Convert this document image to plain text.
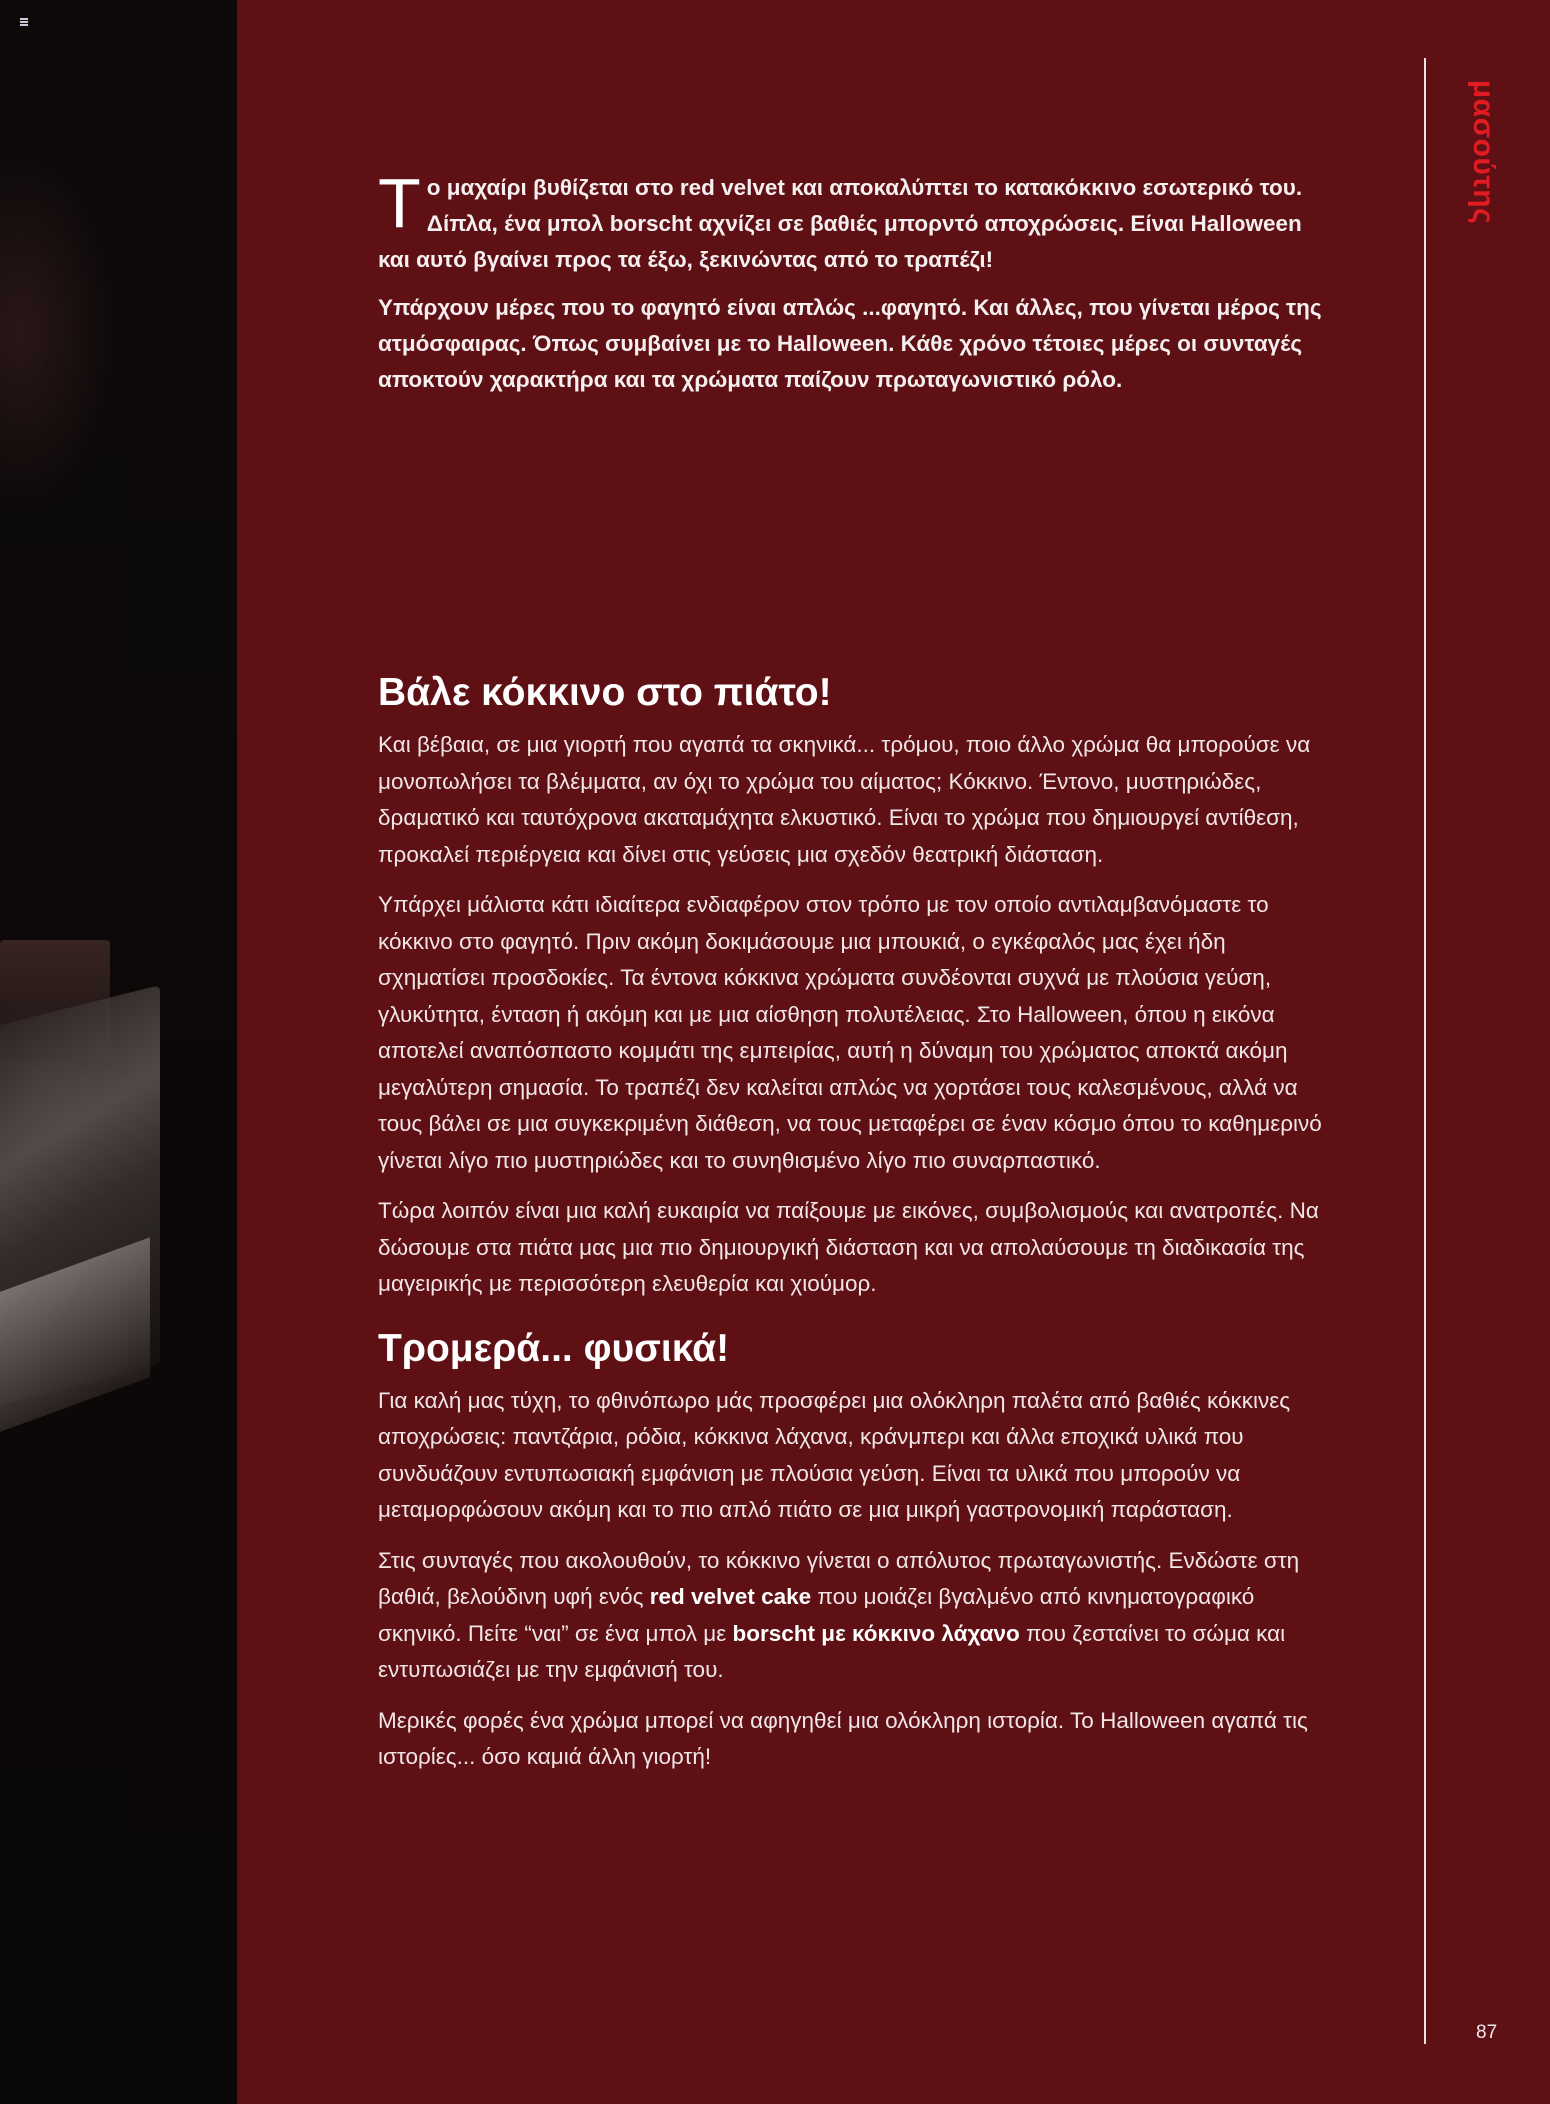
μασούτης

Το μαχαίρι βυθίζεται στο red velvet και αποκαλύπτει το κατακόκκινο εσωτερικό του. Δίπλα, ένα μπολ borscht αχνίζει σε βαθιές μπορντό αποχρώσεις. Είναι Halloween και αυτό βγαίνει προς τα έξω, ξεκινώντας από το τραπέζι!

Υπάρχουν μέρες που το φαγητό είναι απλώς ...φαγητό. Και άλλες, που γίνεται μέρος της ατμόσφαιρας. Όπως συμβαίνει με το Halloween. Κάθε χρόνο τέτοιες μέρες οι συνταγές αποκτούν χαρακτήρα και τα χρώματα παίζουν πρωταγωνιστικό ρόλο.

Βάλε κόκκινο στο πιάτο!

Και βέβαια, σε μια γιορτή που αγαπά τα σκηνικά... τρόμου, ποιο άλλο χρώμα θα μπορούσε να μονοπωλήσει τα βλέμματα, αν όχι το χρώμα του αίματος; Κόκκινο. Έντονο, μυστηριώδες, δραματικό και ταυτόχρονα ακαταμάχητα ελκυστικό. Είναι το χρώμα που δημιουργεί αντίθεση, προκαλεί περιέργεια και δίνει στις γεύσεις μια σχεδόν θεατρική διάσταση.

Υπάρχει μάλιστα κάτι ιδιαίτερα ενδιαφέρον στον τρόπο με τον οποίο αντιλαμβανόμαστε το κόκκινο στο φαγητό. Πριν ακόμη δοκιμάσουμε μια μπουκιά, ο εγκέφαλός μας έχει ήδη σχηματίσει προσδοκίες. Τα έντονα κόκκινα χρώματα συνδέονται συχνά με πλούσια γεύση, γλυκύτητα, ένταση ή ακόμη και με μια αίσθηση πολυτέλειας. Στο Halloween, όπου η εικόνα αποτελεί αναπόσπαστο κομμάτι της εμπειρίας, αυτή η δύναμη του χρώματος αποκτά ακόμη μεγαλύτερη σημασία. Το τραπέζι δεν καλείται απλώς να χορτάσει τους καλεσμένους, αλλά να τους βάλει σε μια συγκεκριμένη διάθεση, να τους μεταφέρει σε έναν κόσμο όπου το καθημερινό γίνεται λίγο πιο μυστηριώδες και το συνηθισμένο λίγο πιο συναρπαστικό.

Τώρα λοιπόν είναι μια καλή ευκαιρία να παίξουμε με εικόνες, συμβολισμούς και ανατροπές. Να δώσουμε στα πιάτα μας μια πιο δημιουργική διάσταση και να απολαύσουμε τη διαδικασία της μαγειρικής με περισσότερη ελευθερία και χιούμορ.

Τρομερά... φυσικά!

Για καλή μας τύχη, το φθινόπωρο μάς προσφέρει μια ολόκληρη παλέτα από βαθιές κόκκινες αποχρώσεις: παντζάρια, ρόδια, κόκκινα λάχανα, κράνμπερι και άλλα εποχικά υλικά που συνδυάζουν εντυπωσιακή εμφάνιση με πλούσια γεύση. Είναι τα υλικά που μπορούν να μεταμορφώσουν ακόμη και το πιο απλό πιάτο σε μια μικρή γαστρονομική παράσταση.

Στις συνταγές που ακολουθούν, το κόκκινο γίνεται ο απόλυτος πρωταγωνιστής. Ενδώστε στη βαθιά, βελούδινη υφή ενός red velvet cake που μοιάζει βγαλμένο από κινηματογραφικό σκηνικό. Πείτε “ναι” σε ένα μπολ με borscht με κόκκινο λάχανο που ζεσταίνει το σώμα και εντυπωσιάζει με την εμφάνισή του.

Μερικές φορές ένα χρώμα μπορεί να αφηγηθεί μια ολόκληρη ιστορία. Το Halloween αγαπά τις ιστορίες... όσο καμιά άλλη γιορτή!

87
